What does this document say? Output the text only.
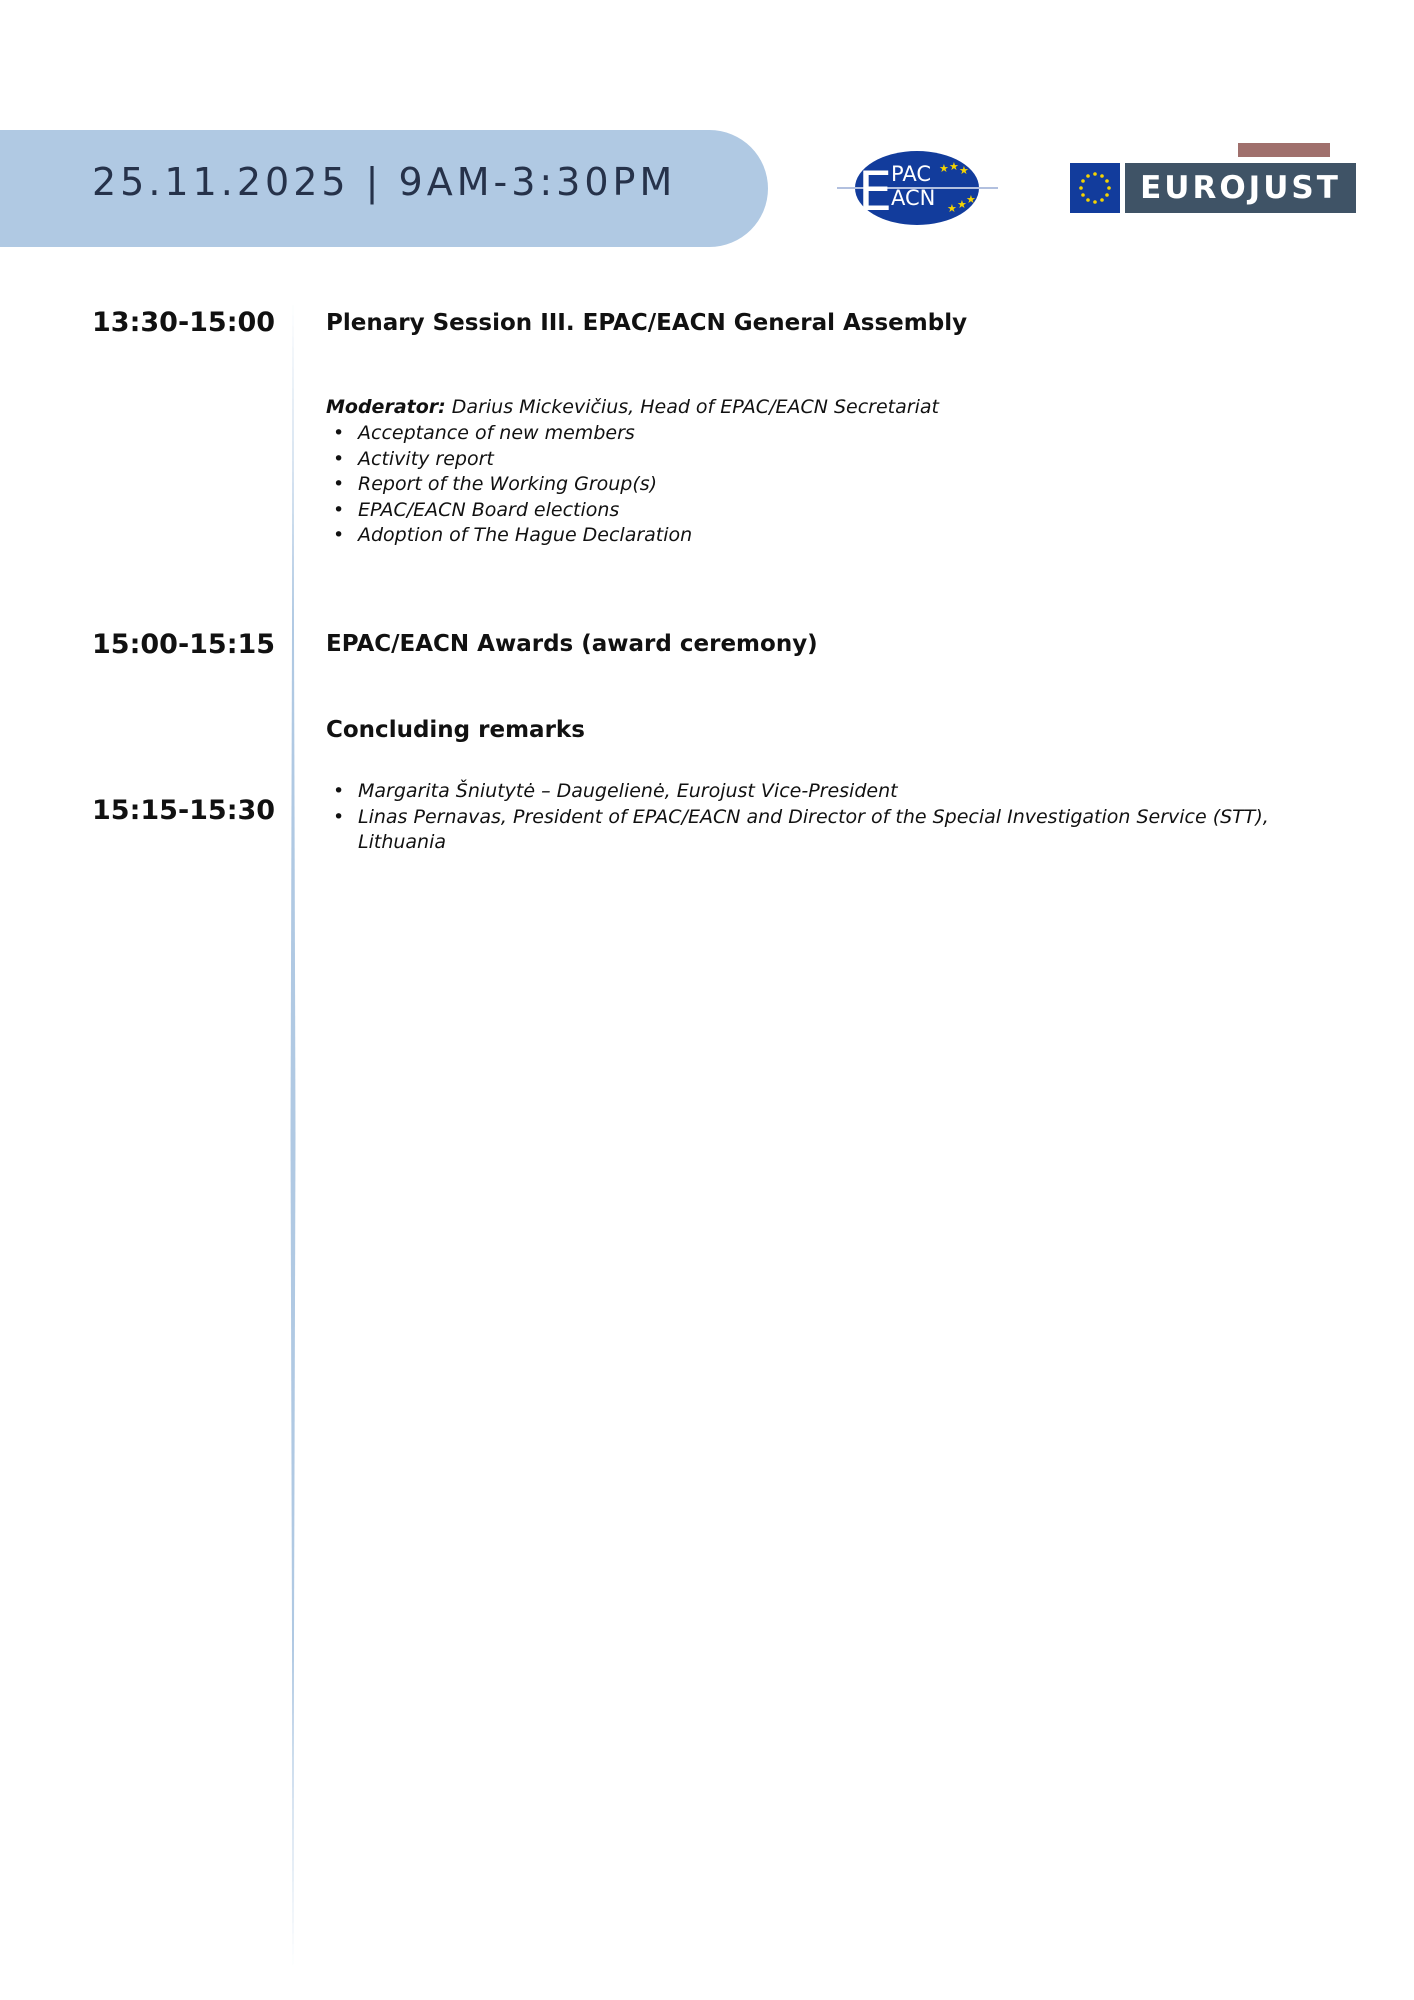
25.11.2025 | 9AM-3:30PM	E
PAC
ACN
★ ★ ★
★ ★ ★	EUROJUST
13:30-15:00 Plenary Session III. EPAC/EACN General Assembly
Moderator: Darius Mickevičius, Head of EPAC/EACN Secretariat
• Acceptance of new members
• Activity report
• Report of the Working Group(s)
• EPAC/EACN Board elections
• Adoption of The Hague Declaration
15:00-15:15 EPAC/EACN Awards (award ceremony)
Concluding remarks
15:15-15:30
• Margarita Šniutytė – Daugelienė, Eurojust Vice-President
• Linas Pernavas, President of EPAC/EACN and Director of the Special Investigation Service (STT), Lithuania
